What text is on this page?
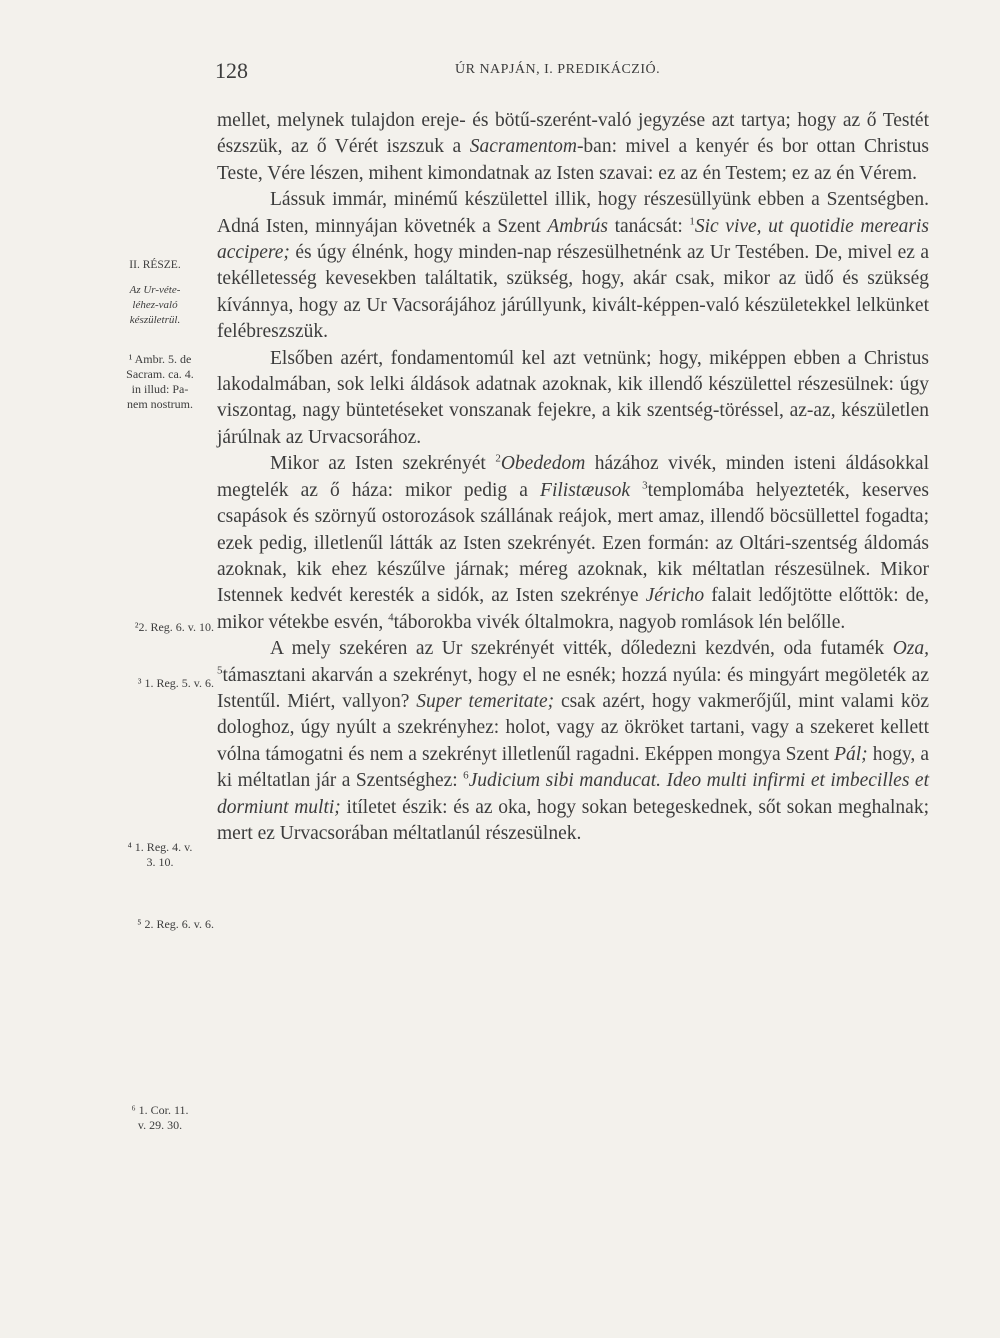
128	ÚR NAPJÁN, I. PREDIKÁCZIÓ.
II. RÉSZE.
Az Ur-véte-
léhez-való
készületrül.
¹ Ambr. 5. de
Sacram. ca. 4.
in illud: Pa-
nem nostrum.
²2. Reg. 6. v. 10.
³ 1. Reg. 5. v. 6.
⁴ 1. Reg. 4. v.
3. 10.
⁵ 2. Reg. 6. v. 6.
⁶ 1. Cor. 11.
v. 29. 30.

mellet, melynek tulajdon ereje- és bötű-szerént-való jegyzése azt tartya; hogy az ő Testét észszük, az ő Vérét iszszuk a Sacramentom-ban: mivel a kenyér és bor ottan Christus Teste, Vére lészen, mihent kimondatnak az Isten szavai: ez az én Testem; ez az én Vérem.

Lássuk immár, minémű készülettel illik, hogy részesüllyünk ebben a Szentségben. Adná Isten, minnyájan követnék a Szent Ambrús tanácsát: $^1$Sic vive, ut quotidie merearis accipere; és úgy élnénk, hogy minden-nap részesülhetnénk az Ur Testében. De, mivel ez a tekélletesség kevesekben találtatik, szükség, hogy, akár csak, mikor az üdő és szükség kívánnya, hogy az Ur Vacsorájához járúllyunk, kivált-képpen-való készületekkel lelkünket felébreszszük.

Elsőben azért, fondamentomúl kel azt vetnünk; hogy, miképpen ebben a Christus lakodalmában, sok lelki áldások adatnak azoknak, kik illendő készülettel részesülnek: úgy viszontag, nagy büntetéseket vonszanak fejekre, a kik szentség-töréssel, az-az, készületlen járúlnak az Urvacsorához.

Mikor az Isten szekrényét $^2$Obededom házához vivék, minden isteni áldásokkal megtelék az ő háza: mikor pedig a Filistæusok $^3$templomába helyezteték, keserves csapások és szörnyű ostorozások szállának reájok, mert amaz, illendő böcsüllettel fogadta; ezek pedig, illetlenűl látták az Isten szekrényét. Ezen formán: az Oltári-szentség áldomás azoknak, kik ehez készűlve járnak; méreg azoknak, kik méltatlan részesülnek. Mikor Istennek kedvét keresték a sidók, az Isten szekrénye Jéricho falait ledőjtötte előttök: de, mikor vétekbe esvén, $^4$táborokba vivék óltalmokra, nagyob romlások lén belőlle.

A mely szekéren az Ur szekrényét vitték, dőledezni kezdvén, oda futamék Oza, $^5$támasztani akarván a szekrényt, hogy el ne esnék; hozzá nyúla: és mingyárt megöleték az Istentűl. Miért, vallyon? Super temeritate; csak azért, hogy vakmerőjűl, mint valami köz dologhoz, úgy nyúlt a szekrényhez: holot, vagy az ökröket tartani, vagy a szekeret kellett vólna támogatni és nem a szekrényt illetlenűl ragadni. Eképpen mongya Szent Pál; hogy, a ki méltatlan jár a Szentséghez: $^6$Judicium sibi manducat. Ideo multi infirmi et imbecilles et dormiunt multi; itíletet észik: és az oka, hogy sokan betegeskednek, sőt sokan meghalnak; mert ez Urvacsorában méltatlanúl részesülnek.
